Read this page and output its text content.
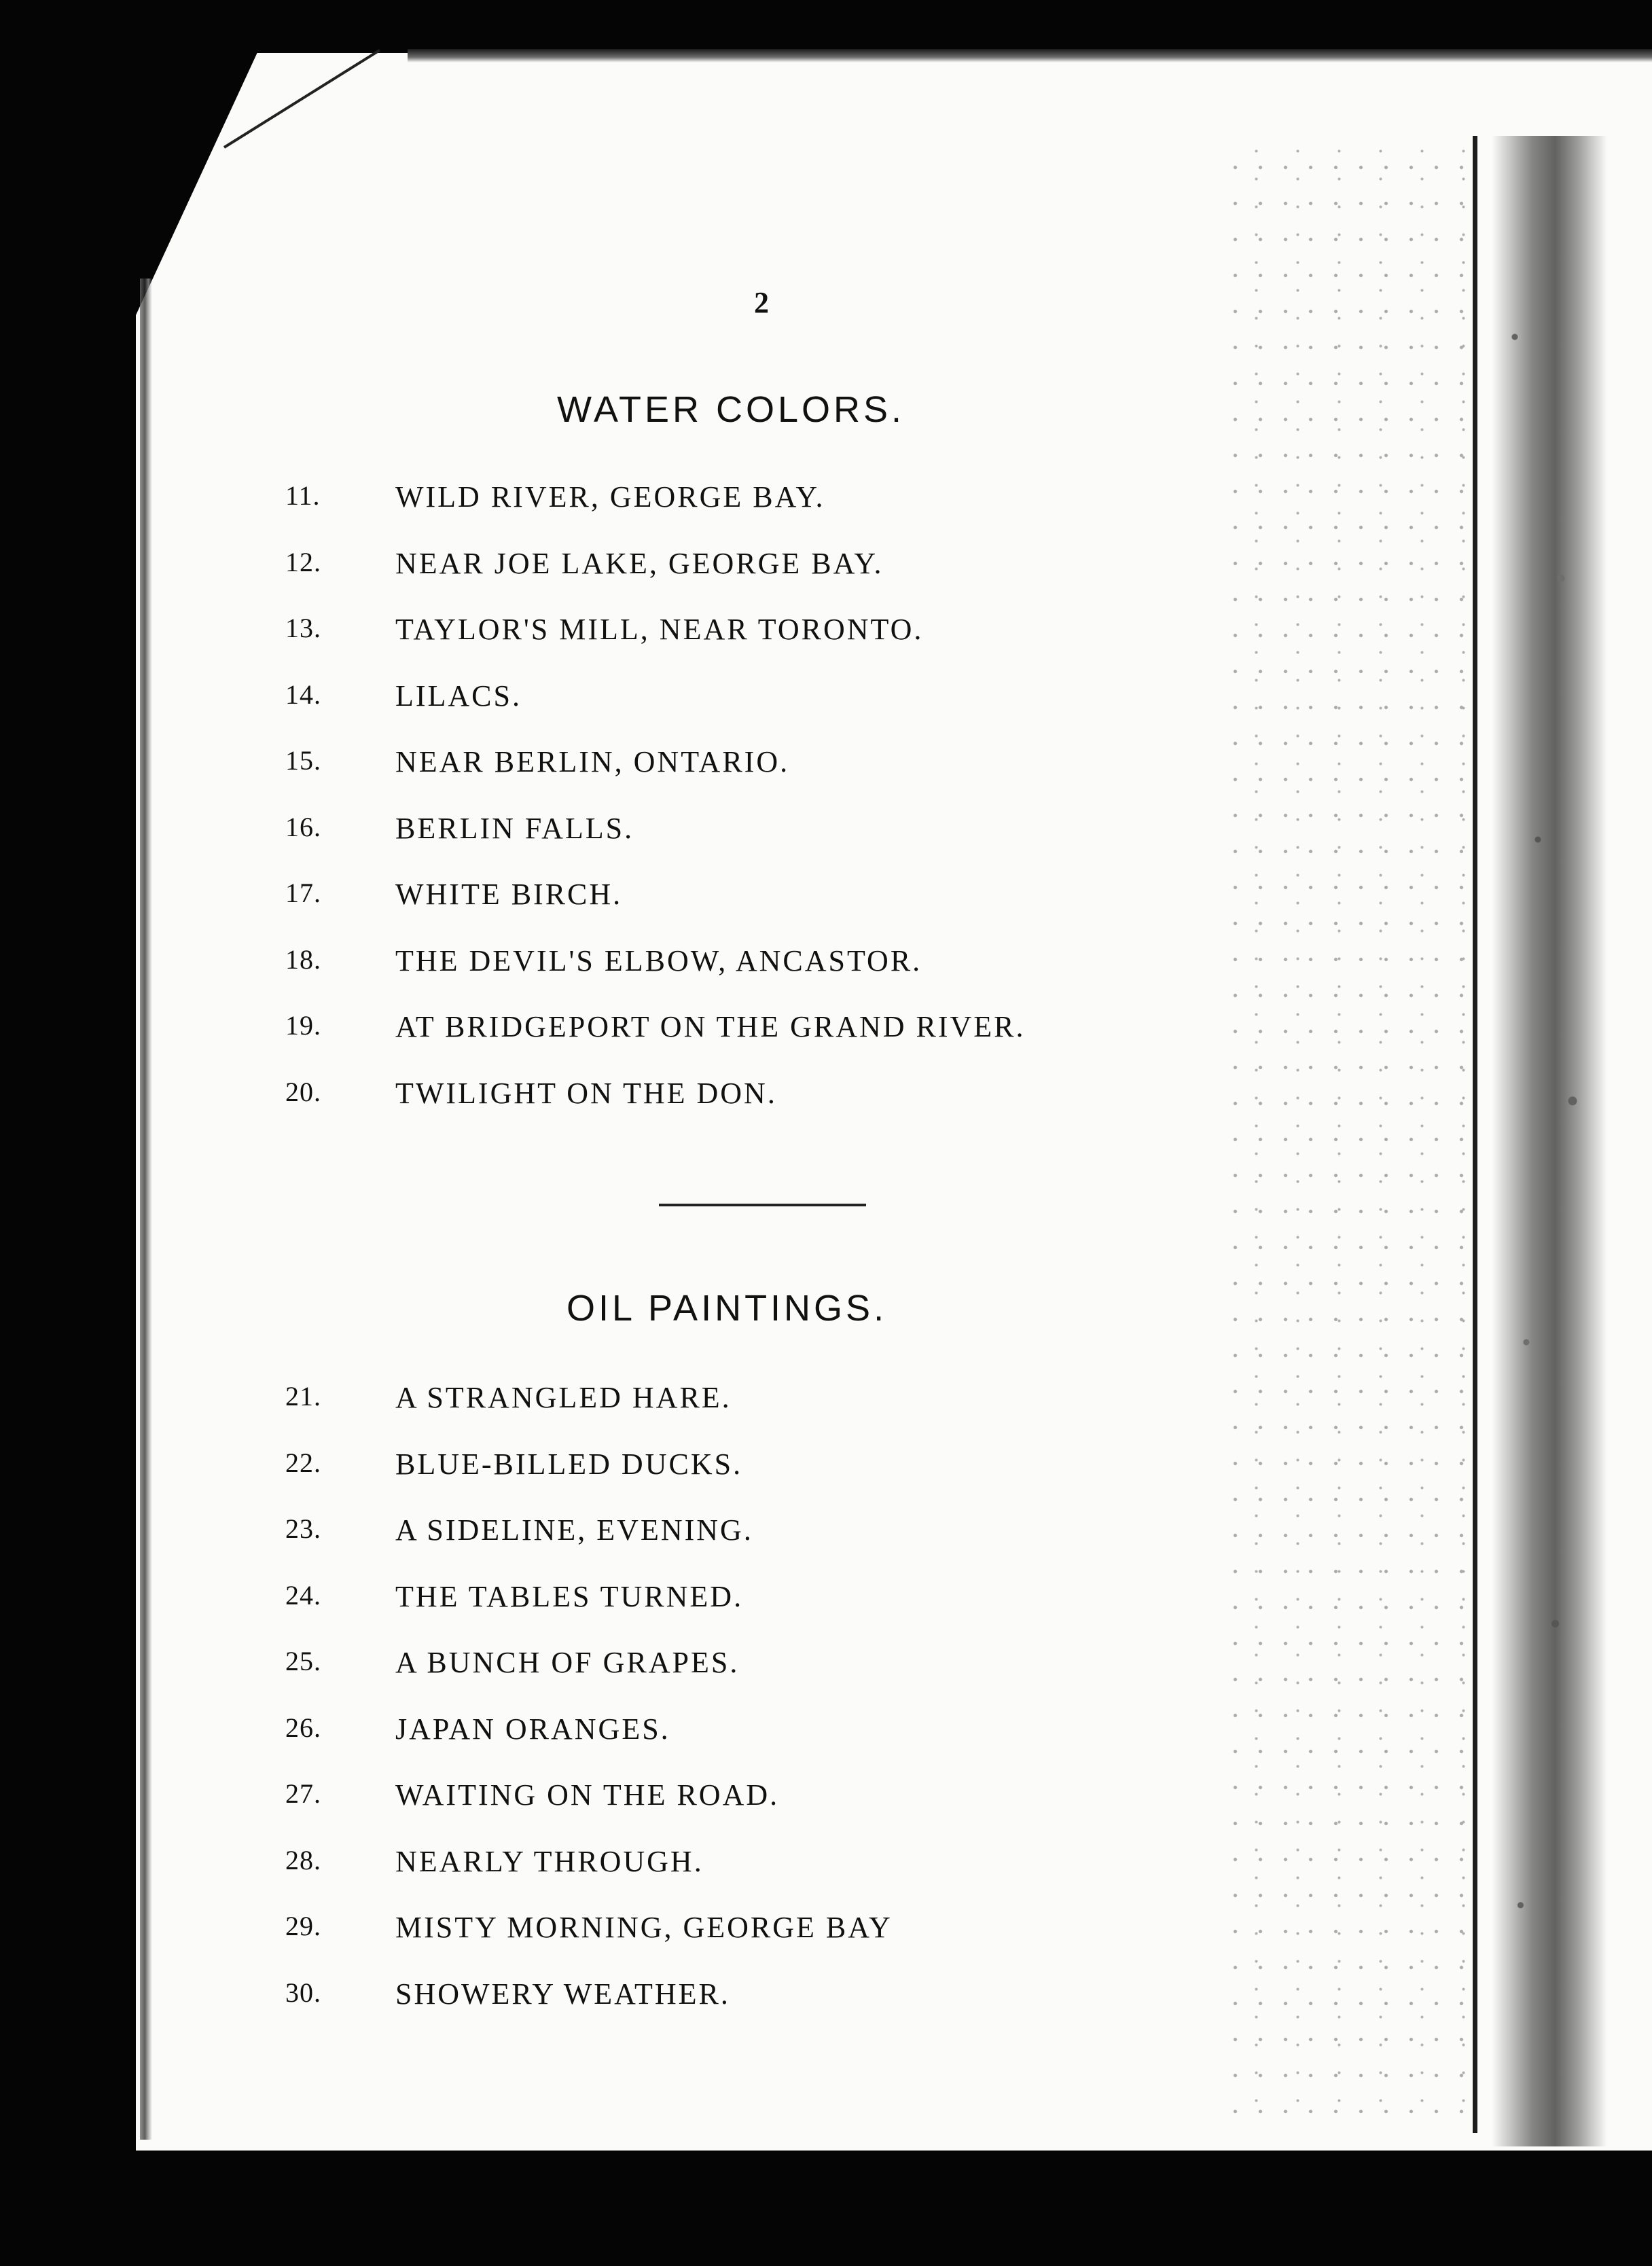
2
WATER COLORS.
11.	WILD RIVER, GEORGE BAY.
12. NEAR JOE LAKE, GEORGE BAY.
13. TAYLOR'S MILL, NEAR TORONTO.
14. LILACS.
15. NEAR BERLIN, ONTARIO.
16. BERLIN FALLS.
17. WHITE BIRCH.
18. THE DEVIL'S ELBOW, ANCASTOR.
19. AT BRIDGEPORT ON THE GRAND RIVER.
20. TWILIGHT ON THE DON.
OIL PAINTINGS.
21. A STRANGLED HARE.
22. BLUE-BILLED DUCKS.
23. A SIDELINE, EVENING.
24. THE TABLES TURNED.
25. A BUNCH OF GRAPES.
26. JAPAN ORANGES.
27. WAITING ON THE ROAD.
28. NEARLY THROUGH.
29. MISTY MORNING, GEORGE BAY
30. SHOWERY WEATHER.
